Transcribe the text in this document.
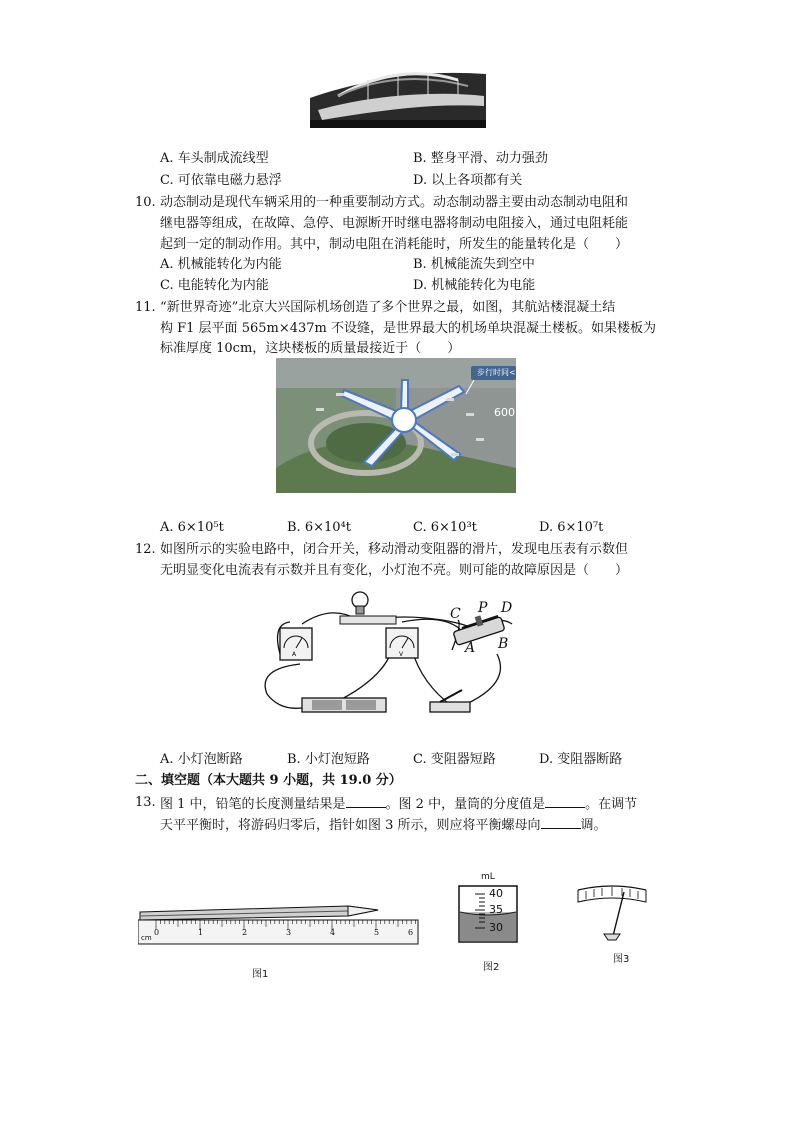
A. 车头制成流线型	B. 整身平滑、动力强劲
C. 可依靠电磁力悬浮	D. 以上各项都有关
10. 动态制动是现代车辆采用的一种重要制动方式。动态制动器主要由动态制动电阻和
继电器等组成，在故障、急停、电源断开时继电器将制动电阻接入，通过电阻耗能
起到一定的制动作用。其中，制动电阻在消耗能时，所发生的能量转化是（　　）
A. 机械能转化为内能	B. 机械能流失到空中
C. 电能转化为内能	D. 机械能转化为电能
11. “新世界奇迹”北京大兴国际机场创造了多个世界之最，如图，其航站楼混凝土结
构 F1 层平面 565m×437m 不设缝，是世界最大的机场单块混凝土楼板。如果楼板为
标准厚度 10cm，这块楼板的质量最接近于（　　）
步行时间<
600
A. 6×10⁵t	B. 6×10⁴t	C. 6×10³t	D. 6×10⁷t
12. 如图所示的实验电路中，闭合开关，移动滑动变阻器的滑片，发现电压表有示数但
无明显变化电流表有示数并且有变化，小灯泡不亮。则可能的故障原因是（　　）
A	V
C P D
A B
A. 小灯泡断路	B. 小灯泡短路	C. 变阻器短路	D. 变阻器断路
二、填空题（本大题共 9 小题，共 19.0 分）
13. 图 1 中，铅笔的长度测量结果是	。图 2 中，量筒的分度值是	。在调节
天平平衡时，将游码归零后，指针如图 3 所示，则应将平衡螺母向	调。
cm
0	1	2	3	4	5	6
图1
mL
40
35
30
图2
图3
